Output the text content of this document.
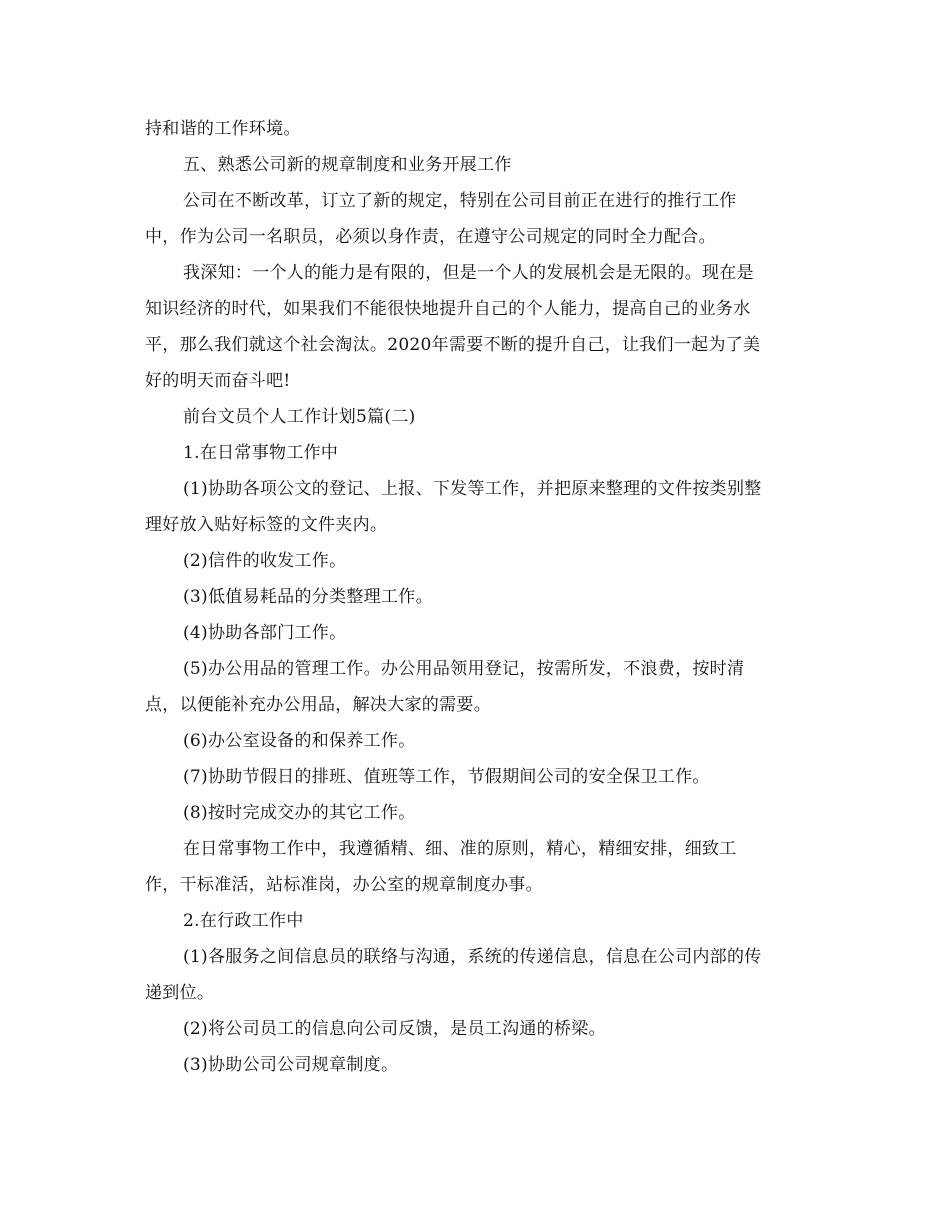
持和谐的工作环境。
五、熟悉公司新的规章制度和业务开展工作
公司在不断改革，订立了新的规定，特别在公司目前正在进行的推行工作
中，作为公司一名职员，必须以身作责，在遵守公司规定的同时全力配合。
我深知：一个人的能力是有限的，但是一个人的发展机会是无限的。现在是
知识经济的时代，如果我们不能很快地提升自己的个人能力，提高自己的业务水
平，那么我们就这个社会淘汰。2020年需要不断的提升自己，让我们一起为了美
好的明天而奋斗吧!
前台文员个人工作计划5篇(二)
1.在日常事物工作中
(1)协助各项公文的登记、上报、下发等工作，并把原来整理的文件按类别整
理好放入贴好标签的文件夹内。
(2)信件的收发工作。
(3)低值易耗品的分类整理工作。
(4)协助各部门工作。
(5)办公用品的管理工作。办公用品领用登记，按需所发，不浪费，按时清
点，以便能补充办公用品，解决大家的需要。
(6)办公室设备的和保养工作。
(7)协助节假日的排班、值班等工作，节假期间公司的安全保卫工作。
(8)按时完成交办的其它工作。
在日常事物工作中，我遵循精、细、准的原则，精心，精细安排，细致工
作，干标准活，站标准岗，办公室的规章制度办事。
2.在行政工作中
(1)各服务之间信息员的联络与沟通，系统的传递信息，信息在公司内部的传
递到位。
(2)将公司员工的信息向公司反馈，是员工沟通的桥梁。
(3)协助公司公司规章制度。
